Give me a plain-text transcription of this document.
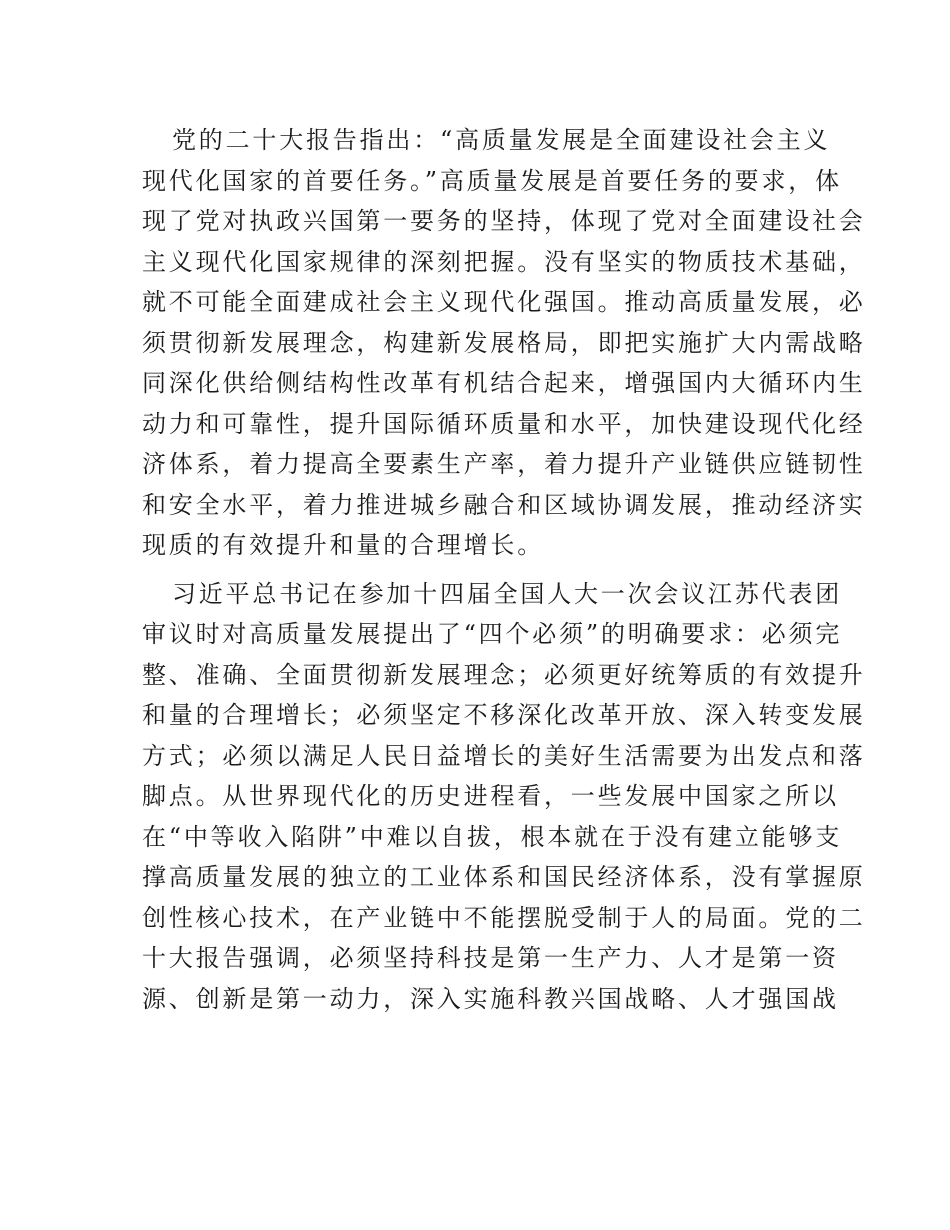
党的二十大报告指出：“高质量发展是全面建设社会主义
现代化国家的首要任务。”高质量发展是首要任务的要求，体
现了党对执政兴国第一要务的坚持，体现了党对全面建设社会
主义现代化国家规律的深刻把握。没有坚实的物质技术基础，
就不可能全面建成社会主义现代化强国。推动高质量发展，必
须贯彻新发展理念，构建新发展格局，即把实施扩大内需战略
同深化供给侧结构性改革有机结合起来，增强国内大循环内生
动力和可靠性，提升国际循环质量和水平，加快建设现代化经
济体系，着力提高全要素生产率，着力提升产业链供应链韧性
和安全水平，着力推进城乡融合和区域协调发展，推动经济实
现质的有效提升和量的合理增长。

习近平总书记在参加十四届全国人大一次会议江苏代表团
审议时对高质量发展提出了“四个必须”的明确要求：必须完
整、准确、全面贯彻新发展理念；必须更好统筹质的有效提升
和量的合理增长；必须坚定不移深化改革开放、深入转变发展
方式；必须以满足人民日益增长的美好生活需要为出发点和落
脚点。从世界现代化的历史进程看，一些发展中国家之所以
在“中等收入陷阱”中难以自拔，根本就在于没有建立能够支
撑高质量发展的独立的工业体系和国民经济体系，没有掌握原
创性核心技术，在产业链中不能摆脱受制于人的局面。党的二
十大报告强调，必须坚持科技是第一生产力、人才是第一资
源、创新是第一动力，深入实施科教兴国战略、人才强国战
